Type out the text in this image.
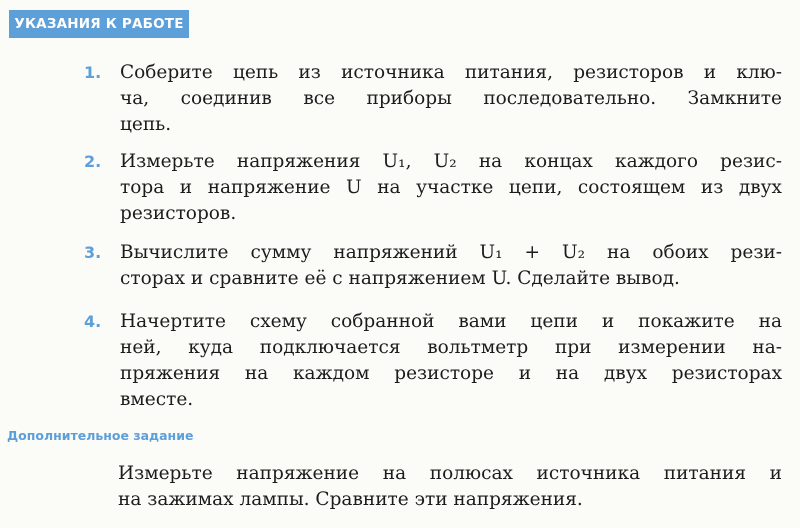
УКАЗАНИЯ К РАБОТЕ
1. Соберите цепь из источника питания, резисторов и клю-
ча, соединив все приборы последовательно. Замкните
цепь.
2. Измерьте напряжения U₁, U₂ на концах каждого резис-
тора и напряжение U на участке цепи, состоящем из двух
резисторов.
3. Вычислите сумму напряжений U₁ + U₂ на обоих рези-
сторах и сравните её с напряжением U. Сделайте вывод.
4. Начертите схему собранной вами цепи и покажите на
ней, куда подключается вольтметр при измерении на-
пряжения на каждом резисторе и на двух резисторах
вместе.
Дополнительное задание
Измерьте напряжение на полюсах источника питания и
на зажимах лампы. Сравните эти напряжения.
